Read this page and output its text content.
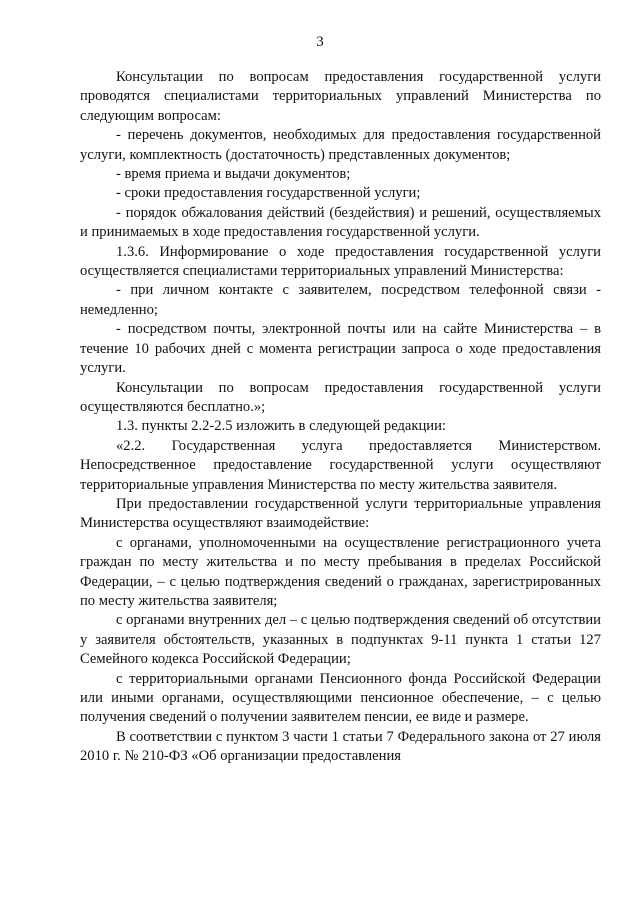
3

Консультации по вопросам предоставления государственной услуги проводятся специалистами территориальных управлений Министерства по следующим вопросам:

- перечень документов, необходимых для предоставления государственной услуги, комплектность (достаточность) представленных документов;

- время приема и выдачи документов;

- сроки предоставления государственной услуги;

- порядок обжалования действий (бездействия) и решений, осуществляемых и принимаемых в ходе предоставления государственной услуги.

1.3.6. Информирование о ходе предоставления государственной услуги осуществляется специалистами территориальных управлений Министерства:

- при личном контакте с заявителем, посредством телефонной связи - немедленно;

- посредством почты, электронной почты или на сайте Министерства – в течение 10 рабочих дней с момента регистрации запроса о ходе предоставления услуги.

Консультации по вопросам предоставления государственной услуги осуществляются бесплатно.»;

1.3. пункты 2.2-2.5 изложить в следующей редакции:

«2.2. Государственная услуга предоставляется Министерством. Непосредственное предоставление государственной услуги осуществляют территориальные управления Министерства по месту жительства заявителя.

При предоставлении государственной услуги территориальные управления Министерства осуществляют взаимодействие:

с органами, уполномоченными на осуществление регистрационного учета граждан по месту жительства и по месту пребывания в пределах Российской Федерации, – с целью подтверждения сведений о гражданах, зарегистрированных по месту жительства заявителя;

с органами внутренних дел – с целью подтверждения сведений об отсутствии у заявителя обстоятельств, указанных в подпунктах 9-11 пункта 1 статьи 127 Семейного кодекса Российской Федерации;

с территориальными органами Пенсионного фонда Российской Федерации или иными органами, осуществляющими пенсионное обеспечение, – с целью получения сведений о получении заявителем пенсии, ее виде и размере.

В соответствии с пунктом 3 части 1 статьи 7 Федерального закона от 27 июля 2010 г. № 210-ФЗ «Об организации предоставления
